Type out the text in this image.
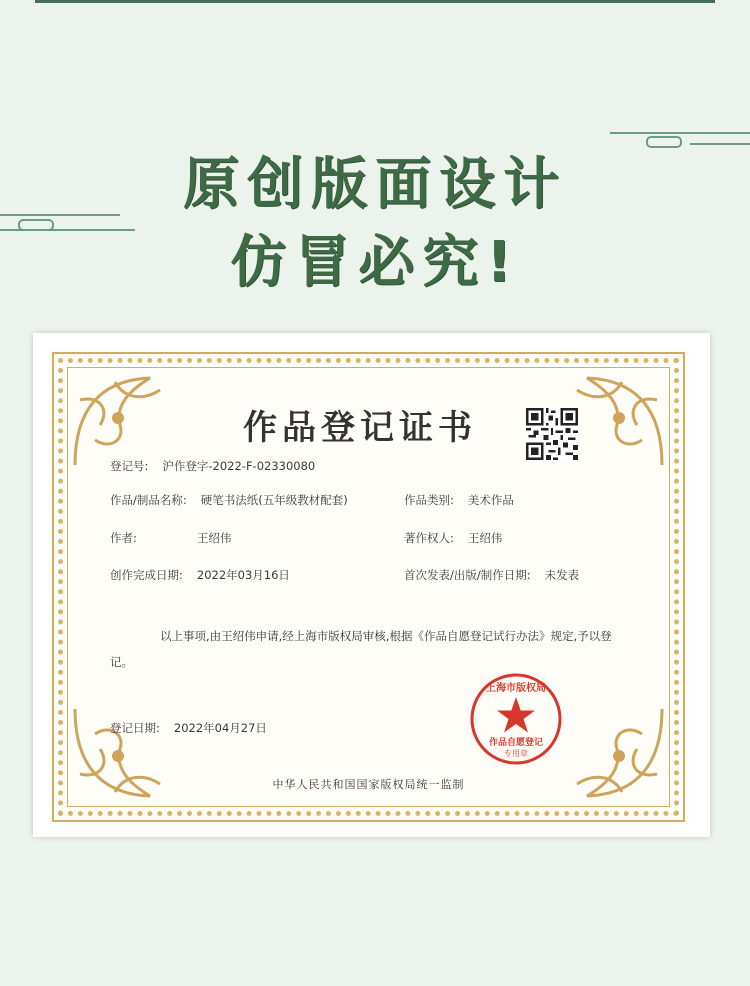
原创版面设计
仿冒必究!
作品登记证书
登记号: 沪作登字-2022-F-02330080
作品/制品名称: 硬笔书法纸(五年级教材配套)	作品类别: 美术作品
作者:	王绍伟	著作权人: 王绍伟
创作完成日期: 2022年03月16日	首次发表/出版/制作日期: 未发表
以上事项,由王绍伟申请,经上海市版权局审核,根据《作品自愿登记试行办法》规定,予以登记。
登记日期: 2022年04月27日
上海市版权局
作品自愿登记
专用章
中华人民共和国国家版权局统一监制
